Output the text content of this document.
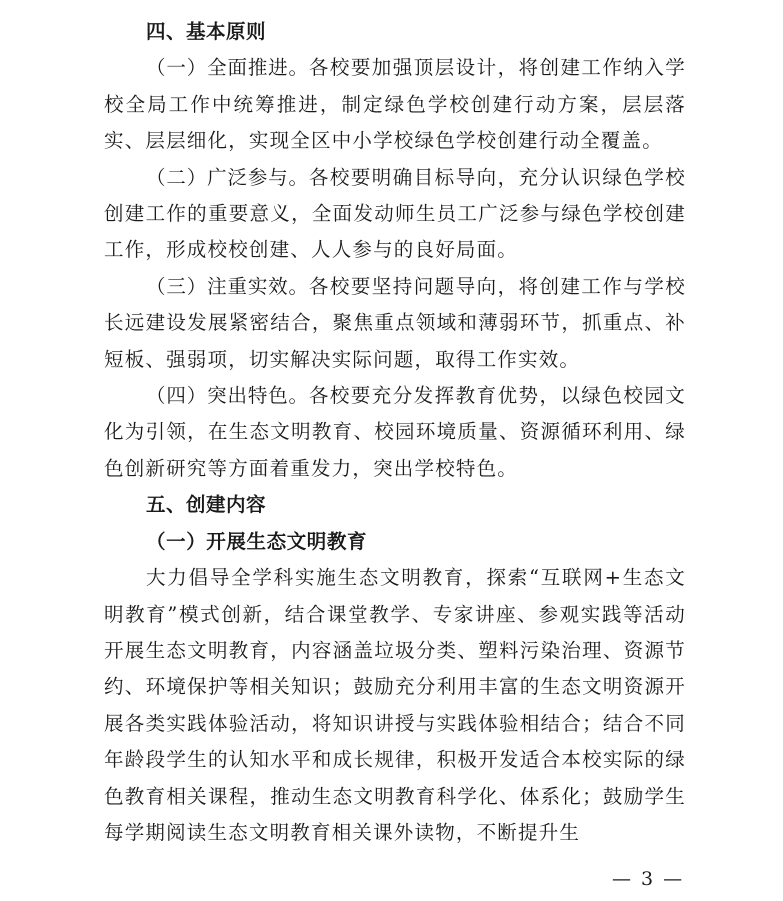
四、基本原则

（一）全面推进。各校要加强顶层设计，将创建工作纳入学校全局工作中统筹推进，制定绿色学校创建行动方案，层层落实、层层细化，实现全区中小学校绿色学校创建行动全覆盖。

（二）广泛参与。各校要明确目标导向，充分认识绿色学校创建工作的重要意义，全面发动师生员工广泛参与绿色学校创建工作，形成校校创建、人人参与的良好局面。

（三）注重实效。各校要坚持问题导向，将创建工作与学校长远建设发展紧密结合，聚焦重点领域和薄弱环节，抓重点、补短板、强弱项，切实解决实际问题，取得工作实效。

（四）突出特色。各校要充分发挥教育优势，以绿色校园文化为引领，在生态文明教育、校园环境质量、资源循环利用、绿色创新研究等方面着重发力，突出学校特色。

五、创建内容
（一）开展生态文明教育

大力倡导全学科实施生态文明教育，探索“互联网+生态文明教育”模式创新，结合课堂教学、专家讲座、参观实践等活动开展生态文明教育，内容涵盖垃圾分类、塑料污染治理、资源节约、环境保护等相关知识；鼓励充分利用丰富的生态文明资源开展各类实践体验活动，将知识讲授与实践体验相结合；结合不同年龄段学生的认知水平和成长规律，积极开发适合本校实际的绿色教育相关课程，推动生态文明教育科学化、体系化；鼓励学生每学期阅读生态文明教育相关课外读物，不断提升生

— 3 —
